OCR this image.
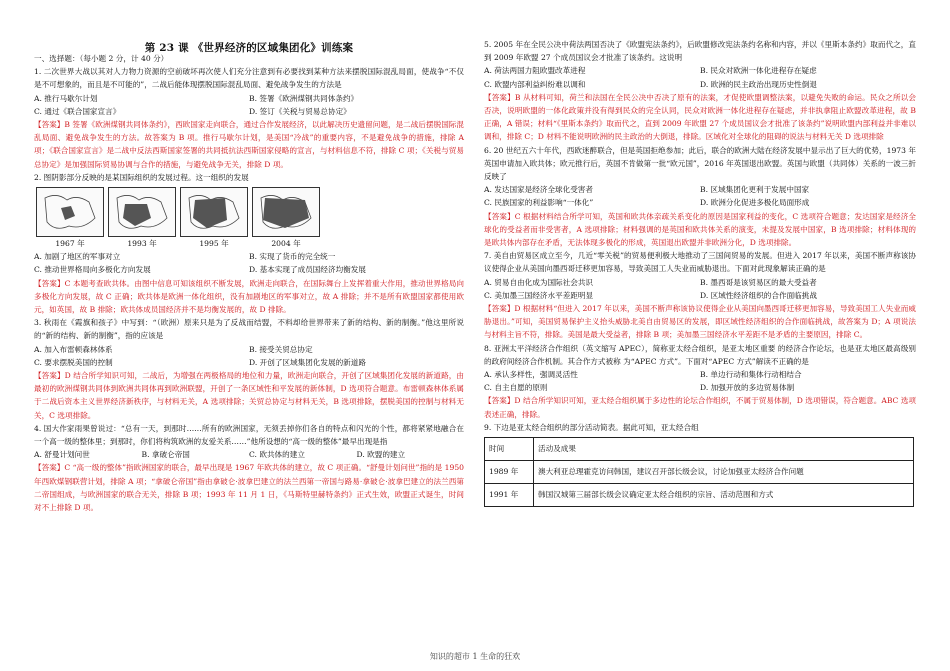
第 23 课 《世界经济的区域集团化》训练案

一、选择题：（每小题 2 分，计 40 分）

1. 二次世界大战以其对人力物力资源的空前破坏再次使人们充分注意到有必要找到某种方法来摆脱国际混乱局面，使战争“不仅是不可想象的，而且是不可能的”，二战后能体现摆脱国际混乱局面、避免战争发生的方法是

A. 推行马歇尔计划	B. 签署《欧洲煤钢共同体条约》
C. 通过《联合国家宣言》	D. 签订《关税与贸易总协定》

【答案】B 签署《欧洲煤钢共同体条约》，西欧国家走向联合，通过合作发展经济，以此解决历史遗留问题，是二战后摆脱国际混乱局面、避免战争发生的方法。故答案为 B 项。推行马歇尔计划，是美国“冷战”的重要内容，不是避免战争的措施，排除 A 项；《联合国家宣言》是二战中反法西斯国家签署的共同抵抗法西斯国家侵略的宣言，与材料信息不符，排除 C 项；《关税与贸易总协定》是加强国际贸易协调与合作的措施，与避免战争无关，排除 D 项。

2. 图阴影部分反映的是某国际组织的发展过程。这一组织的发展

1967 年	1993 年	1995 年	2004 年
A. 加剧了地区的军事对立	B. 实现了货币的完全统一
C. 推动世界格局向多极化方向发展	D. 基本实现了成员国经济均衡发展

【答案】C 本题考查欧共体。由图中信息可知该组织不断发展，欧洲走向联合，在国际舞台上发挥着重大作用，推动世界格局向多极化方向发展，故 C 正确；欧共体是欧洲一体化组织，没有加剧地区的军事对立，故 A 排除；并不是所有欧盟国家都使用欧元，如英国，故 B 排除；欧共体成员国经济并不是均衡发展的，故 D 排除。

3. 秋雨在《霞旗和孩子》中写到：“（欧洲）原来只是为了反战而结盟，不料却给世界带来了新的结构、新的制衡。”他这里所说的“新的结构、新的制衡”，指的应该是

A. 加入布雷顿森林体系	B. 接受关贸总协定
C. 要求摆脱美国的控制	D. 开创了区域集团化发展的新道路

【答案】D 结合所学知识可知，二战后，为增强在两极格局的地位和力量，欧洲走向联合，开创了区域集团化发展的新道路，由最初的欧洲煤钢共同体到欧洲共同体再到欧洲联盟，开创了一条区域性和平发展的新体制，D 选项符合题意。布雷顿森林体系属于二战后资本主义世界经济新秩序，与材料无关，A 选项排除；关贸总协定与材料无关，B 选项排除，摆脱美国的控制与材料无关，C 选项排除。

4. 国大作家雨果曾说过：“总有一天，到那时……所有的欧洲国家，无须丢掉你们各自的特点和闪光的个性，都将紧紧地融合在一个高一级的整体里；到那时，你们将构筑欧洲的友爱关系……”他所设想的“高一级的整体”最早出现是指

A. 舒曼计划问世	B. 拿破仑帝国	C. 欧共体的建立	D. 欧盟的建立

【答案】C “高一级的整体”指欧洲国家的联合，最早出现是 1967 年欧共体的建立，故 C 项正确。“舒曼计划问世”指的是 1950 年西欧煤钢联营计划，排除 A 项；“拿破仑帝国”指由拿破仑·波拿巴建立的法兰西第一帝国与路易·拿破仑·波拿巴建立的法兰西第二帝国组成，与欧洲国家的联合无关，排除 B 项；1993 年 11 月 1 日，《马斯特里赫特条约》正式生效，欧盟正式诞生，时间对不上排除 D 项。

5. 2005 年在全民公决中荷法两国否决了《欧盟宪法条约》，后欧盟修改宪法条约名称和内容，并以《里斯本条约》取而代之，直到 2009 年欧盟 27 个成员国议会才批准了该条约。这说明

A. 荷法两国力阻欧盟改革进程	B. 民众对欧洲一体化进程存在疑虑
C. 欧盟内部利益纠纷难以调和	D. 欧洲的民主政治出现历史性倒退

【答案】B 从材料可知，荷兰和法国在全民公决中否决了原有的法案，才促使欧盟调整法案，以避免失败的命运。民众之所以会否决，说明欧盟的一体化政策并没有得到民众的完全认同，民众对欧洲一体化进程存在疑虑，并非执拿阻止欧盟改革进程，故 B 正确，A 错误；材料“《里斯本条约》取而代之，直到 2009 年欧盟 27 个成员国议会才批准了该条约”说明欧盟内部利益并非难以调和，排除 C；D 材料不能说明欧洲的民主政治的大倒退，排除。区域化对全球化的阻碍的说法与材料无关 D 选项排除

6. 20 世纪五六十年代，西欧迷醉联合，但是英国拒绝参加；此后，联合的欧洲大陆在经济发展中显示出了巨大的优势，1973 年英国申请加入欧共体；欧元推行后，英国不肯做第一批“欧元国”，2016 年英国退出欧盟。英国与欧盟（共同体）关系的一波三折反映了

A. 发达国家是经济全球化受害者	B. 区域集团化更利于发展中国家
C. 民族国家的利益影响“一体化”	D. 欧洲分化促进多极化局面形成

【答案】C 根据材料结合所学可知，英国和欧共体亲疏关系变化的原因是国家利益的变化，C 选项符合题意；发达国家是经济全球化的受益者而非受害者，A 选项排除；材料强调的是英国和欧共体关系的演变，未提及发展中国家，B 选项排除；材料体现的是欧共体内部存在矛盾，无法体现多极化的形成，英国退出欧盟并非欧洲分化，D 选项排除。

7. 美自由贸易区成立至今，几近“零关税”的贸易便利极大地推动了三国间贸易的发展。但进入 2017 年以来，美国不断声称该协议使得企业从美国向墨西哥迁移更加容易，导致美国工人失业而威胁退出。下面对此现象解读正确的是

A. 贸易自由化成为国际社会共识	B. 墨西哥是该贸易区的最大受益者
C. 美加墨三国经济水平差距明显	D. 区域性经济组织的合作面临挑战

【答案】D 根据材料“但进入 2017 年以来，美国不断声称该协议使得企业从美国向墨西哥迁移更加容易，导致美国工人失业而威胁退出。”可知，美国贸易保护主义抬头威胁北美自由贸易区的发展，即区域性经济组织的合作面临挑战，故答案为 D；A 项说法与材料主旨不符，排除。美国是最大受益者，排除 B 项；美加墨三国经济水平差距不是矛盾的主要原因，排除 C。

8. 亚洲太平洋经济合作组织（英文缩写 APEC），简称亚太经合组织，是亚太地区重要 的经济合作论坛，也是亚太地区最高级别的政府间经济合作机制。其合作方式被称 为“APEC 方式”。下面对“APEC 方式”解读不正确的是

A. 承认多样性，强调灵活性	B. 单边行动和集体行动相结合
C. 自主自愿的原则	D. 加强开放的多边贸易体制

【答案】D 结合所学知识可知，亚太经合组织属于多边性的论坛合作组织，不属于贸易体制，D 选项错误，符合题意。ABC 选项表述正确，排除。

9. 下边是亚太经合组织的部分活动简表。据此可知，亚太经合组

时间	活动及成果
1989 年	澳大利亚总理霍克访问韩国，建议召开部长级会议，讨论加强亚太经济合作问题
1991 年	韩国汉城第三届部长级会议确定亚太经合组织的宗旨、活动范围和方式
知识的超市 1 生命的狂欢
